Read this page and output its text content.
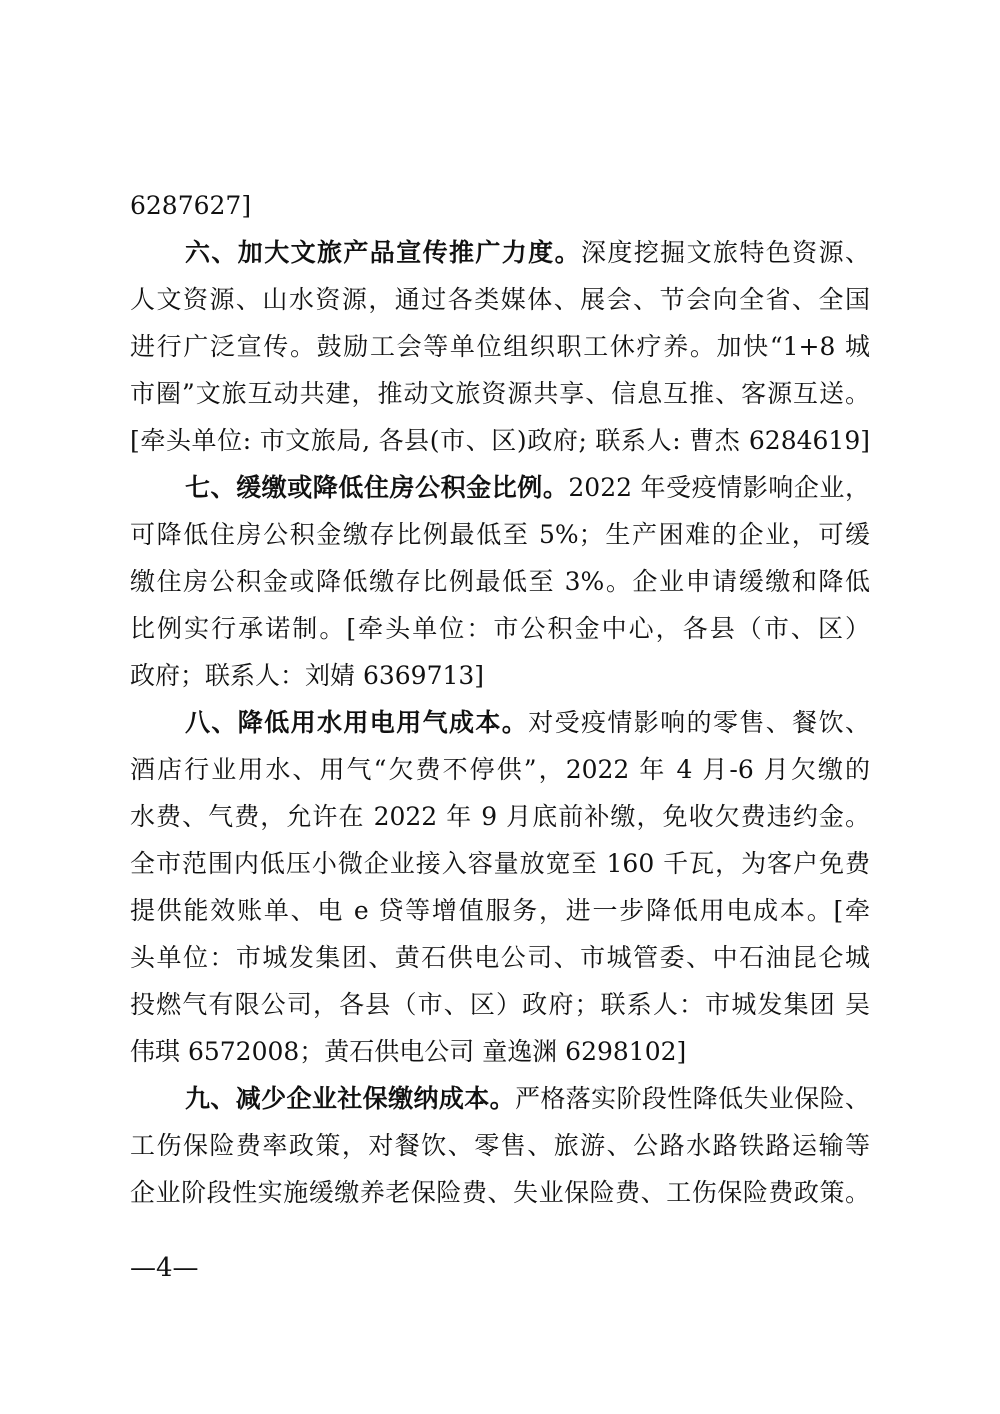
6287627]
六、加大文旅产品宣传推广力度。深度挖掘文旅特色资源、
人文资源、山水资源，通过各类媒体、展会、节会向全省、全国
进行广泛宣传。鼓励工会等单位组织职工休疗养。加快“1+8 城
市圈”文旅互动共建，推动文旅资源共享、信息互推、客源互送。
[牵头单位: 市文旅局, 各县(市、区)政府; 联系人: 曹杰 6284619]
七、缓缴或降低住房公积金比例。2022 年受疫情影响企业，
可降低住房公积金缴存比例最低至 5%；生产困难的企业，可缓
缴住房公积金或降低缴存比例最低至 3%。企业申请缓缴和降低
比例实行承诺制。[牵头单位：市公积金中心，各县（市、区）
政府；联系人：刘婧 6369713]
八、降低用水用电用气成本。对受疫情影响的零售、餐饮、
酒店行业用水、用气“欠费不停供”，2022 年 4 月-6 月欠缴的
水费、气费，允许在 2022 年 9 月底前补缴，免收欠费违约金。
全市范围内低压小微企业接入容量放宽至 160 千瓦，为客户免费
提供能效账单、电 e 贷等增值服务，进一步降低用电成本。[牵
头单位：市城发集团、黄石供电公司、市城管委、中石油昆仑城
投燃气有限公司，各县（市、区）政府；联系人：市城发集团 吴
伟琪 6572008；黄石供电公司 童逸渊 6298102]
九、减少企业社保缴纳成本。严格落实阶段性降低失业保险、
工伤保险费率政策，对餐饮、零售、旅游、公路水路铁路运输等
企业阶段性实施缓缴养老保险费、失业保险费、工伤保险费政策。
—4—
